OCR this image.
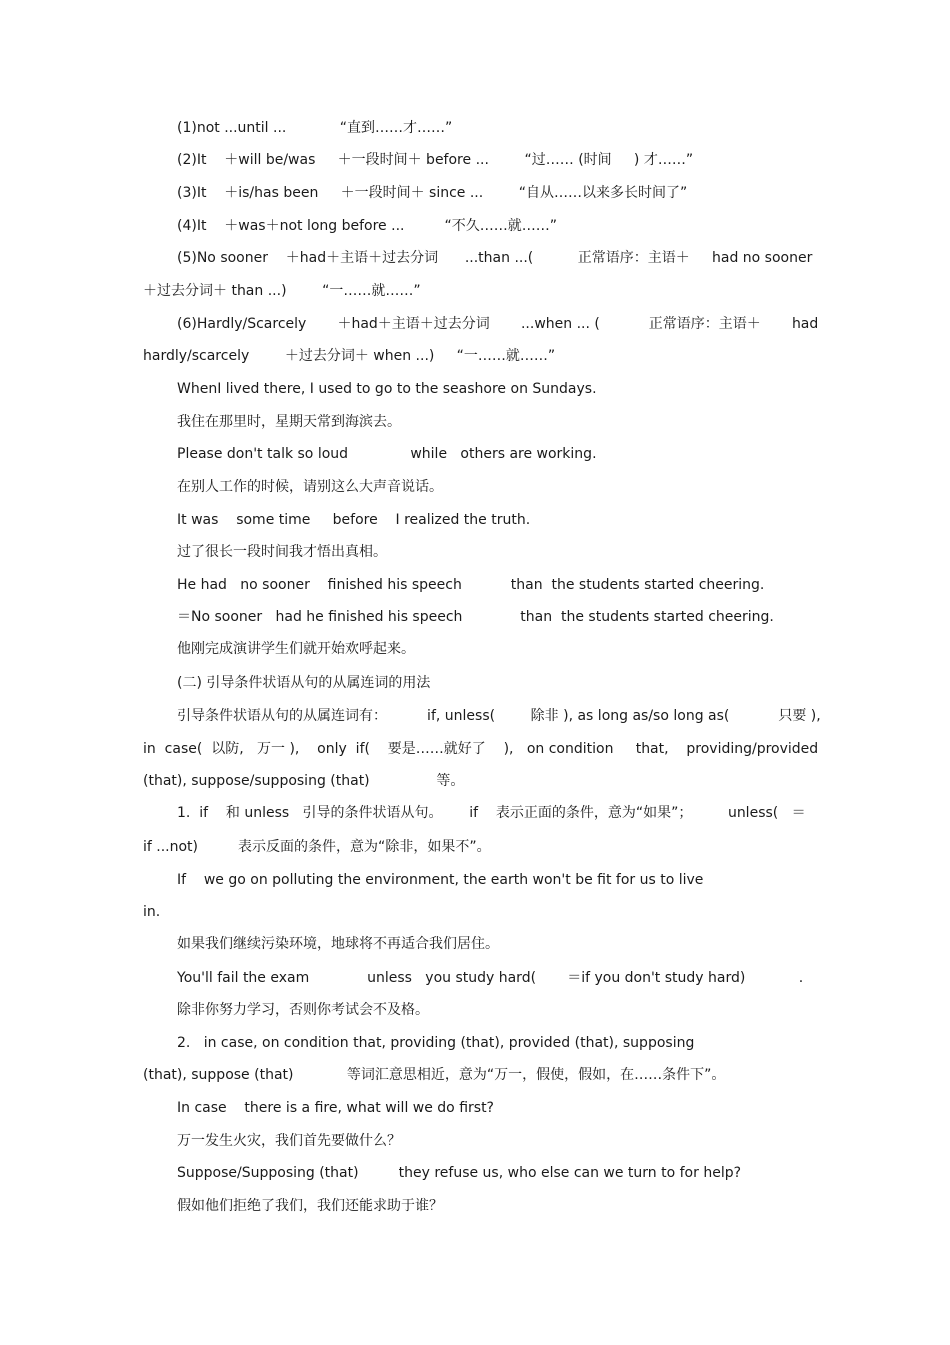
(1)not ...until ...            “直到……才……”
(2)It    ＋will be/was     ＋一段时间＋ before ...        “过…… (时间     ) 才……”
(3)It    ＋is/has been     ＋一段时间＋ since ...        “自从……以来多长时间了”
(4)It    ＋was＋not long before ...         “不久……就……”
(5)No sooner    ＋had＋主语＋过去分词      ...than ...(          正常语序：主语＋     had no sooner
＋过去分词＋ than ...)        “一……就……”
(6)Hardly/Scarcely       ＋had＋主语＋过去分词       ...when ... (           正常语序：主语＋       had
hardly/scarcely        ＋过去分词＋ when ...)     “一……就……”
WhenI lived there, I used to go to the seashore on Sundays.
我住在那里时，星期天常到海滨去。
Please don't talk so loud              while   others are working.
在别人工作的时候，请别这么大声音说话。
It was    some time     before    I realized the truth.
过了很长一段时间我才悟出真相。
He had   no sooner    finished his speech           than  the students started cheering.
＝No sooner   had he finished his speech             than  the students started cheering.
他刚完成演讲学生们就开始欢呼起来。
(二) 引导条件状语从句的从属连词的用法
引导条件状语从句的从属连词有：         if, unless(        除非 ), as long as/so long as(           只要 ),
in  case(  以防,   万一 ),    only  if(    要是……就好了    ),   on condition     that,    providing/provided
(that), suppose/supposing (that)               等。
1.  if    和 unless   引导的条件状语从句。      if    表示正面的条件，意为“如果”；        unless(   ＝
if ...not)         表示反面的条件，意为“除非，如果不”。
If    we go on polluting the environment, the earth won't be fit for us to live
in.
如果我们继续污染环境，地球将不再适合我们居住。
You'll fail the exam             unless   you study hard(       ＝if you don't study hard)            .
除非你努力学习，否则你考试会不及格。
2.   in case, on condition that, providing (that), provided (that), supposing
(that), suppose (that)            等词汇意思相近，意为“万一，假使，假如，在……条件下”。
In case    there is a fire, what will we do first?
万一发生火灾，我们首先要做什么？
Suppose/Supposing (that)         they refuse us, who else can we turn to for help?
假如他们拒绝了我们，我们还能求助于谁？
